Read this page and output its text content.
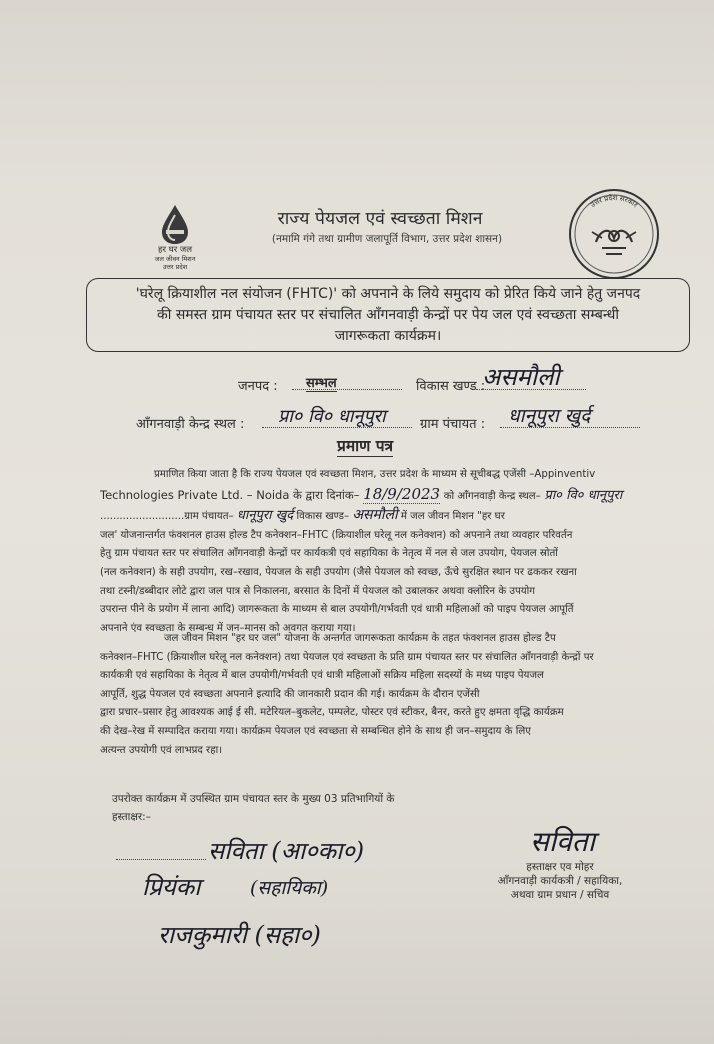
हर घर जल
जल जीवन मिशन
उत्तर प्रदेश
राज्य पेयजल एवं स्वच्छता मिशन
(नमामि गंगे तथा ग्रामीण जलापूर्ति विभाग, उत्तर प्रदेश शासन)
उत्तर प्रदेश सरकार

'घरेलू क्रियाशील नल संयोजन (FHTC)' को अपनाने के लिये समुदाय को प्रेरित किये जाने हेतु जनपद

की समस्त ग्राम पंचायत स्तर पर संचालित आँगनवाड़ी केन्द्रों पर पेय जल एवं स्वच्छता सम्बन्धी

जागरूकता कार्यक्रम।

जनपद : सम्भल	विकास खण्ड :
असमौली
आँगनवाड़ी केन्द्र स्थल : प्रा० वि० धानूपुरा	ग्राम पंचायत : धानूपुरा खुर्द
प्रमाण पत्र
प्रमाणित किया जाता है कि राज्य पेयजल एवं स्वच्छता मिशन, उत्तर प्रदेश के माध्यम से सूचीबद्ध एजेंसी –Appinventiv
Technologies Private Ltd. – Noida के द्वारा दिनांक– 18/9/2023 को आँगनवाड़ी केन्द्र स्थल– प्रा० वि० धानूपुरा
..........................ग्राम पंचायत– धानूपुरा खुर्द विकास खण्ड– असमौली में जल जीवन मिशन "हर घर
जल' योजनान्तर्गत फंक्शनल हाउस होल्ड टैप कनेक्शन–FHTC (क्रियाशील घरेलू नल कनेक्शन) को अपनाने तथा व्यवहार परिवर्तन
हेतु ग्राम पंचायत स्तर पर संचालित आँगनवाड़ी केन्द्रों पर कार्यकत्री एवं सहायिका के नेतृत्व में नल से जल उपयोग, पेयजल स्रोतों
(नल कनेक्शन) के सही उपयोग, रख–रखाव, पेयजल के सही उपयोग (जैसे पेयजल को स्वच्छ, ऊँचे सुरक्षित स्थान पर ढककर रखना
तथा टस्नी/डब्बीदार लोटे द्वारा जल पात्र से निकालना, बरसात के दिनों में पेयजल को उबालकर अथवा क्लोरिन के उपयोग
उपरान्त पीने के प्रयोग में लाना आदि) जागरूकता के माध्यम से बाल उपयोगी/गर्भवती एवं धात्री महिलाओं को पाइप पेयजल आपूर्ति
अपनाने एंव स्वच्छता के सम्बन्ध में जन–मानस को अवगत कराया गया।
जल जीवन मिशन "हर घर जल" योजना के अन्तर्गत जागरूकता कार्यक्रम के तहत फंक्शनल हाउस होल्ड टैप
कनेक्शन–FHTC (क्रियाशील घरेलू नल कनेक्शन) तथा पेयजल एवं स्वच्छता के प्रति ग्राम पंचायत स्तर पर संचालित आँगनवाड़ी केन्द्रों पर
कार्यकत्री एवं सहायिका के नेतृत्व में बाल उपयोगी/गर्भवती एवं धात्री महिलाओं सक्रिय महिला सदस्यों के मध्य पाइप पेयजल
आपूर्ति, शुद्ध पेयजल एवं स्वच्छता अपनाने इत्यादि की जानकारी प्रदान की गई। कार्यक्रम के दौरान एजेंसी
द्वारा प्रचार–प्रसार हेतु आवश्यक आई ई सी. मटेरियल–बुकलेट, पम्पलेट, पोस्टर एवं स्टीकर, बैनर, करते हुए क्षमता वृद्धि कार्यक्रम
की देख–रेख में सम्पादित कराया गया। कार्यक्रम पेयजल एवं स्वच्छता से सम्बन्धित होने के साथ ही जन–समुदाय के लिए
अत्यन्त उपयोगी एवं लाभप्रद रहा।
उपरोक्त कार्यक्रम में उपस्थित ग्राम पंचायत स्तर के मुख्य 03 प्रतिभागियों के
हस्ताक्षर:–
सविता (आ०का०)
प्रियंका	(सहायिका)
राजकुमारी (सहा०)
सविता
हस्ताक्षर एव मोहर
आँगनवाड़ी कार्यकत्री / सहायिका,
अथवा ग्राम प्रधान / सचिव
